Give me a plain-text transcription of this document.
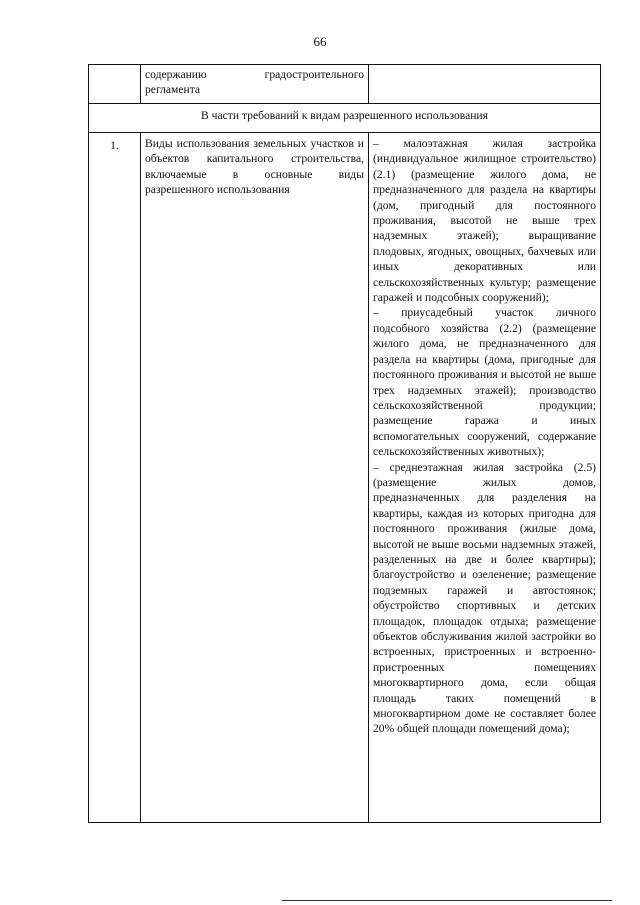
66
	содержанию градостроительного регламента	
В части требований к видам разрешенного использования		
1.	Виды использования земельных участков и объектов капитального строительства, включаемые в основные виды разрешенного использования	– малоэтажная жилая застройка (индивидуальное жилищное строительство) (2.1) (размещение жилого дома, не предназначенного для раздела на квартиры (дом, пригодный для постоянного проживания, высотой не выше трех надземных этажей); выращивание плодовых, ягодных, овощных, бахчевых или иных декоративных или сельскохозяйственных культур; размещение гаражей и подсобных сооружений);

– приусадебный участок личного подсобного хозяйства (2.2) (размещение жилого дома, не предназначенного для раздела на квартиры (дома, пригодные для постоянного проживания и высотой не выше трех надземных этажей); производство сельскохозяйственной продукции; размещение гаража и иных вспомогательных сооружений, содержание сельскохозяйственных животных);

– среднеэтажная жилая застройка (2.5) (размещение жилых домов, предназначенных для разделения на квартиры, каждая из которых пригодна для постоянного проживания (жилые дома, высотой не выше восьми надземных этажей, разделенных на две и более квартиры); благоустройство и озеленение; размещение подземных гаражей и автостоянок; обустройство спортивных и детских площадок, площадок отдыха; размещение объектов обслуживания жилой застройки во встроенных, пристроенных и встроенно-пристроенных помещениях многоквартирного дома, если общая площадь таких помещений в многоквартирном доме не составляет более 20% общей площади помещений дома);
